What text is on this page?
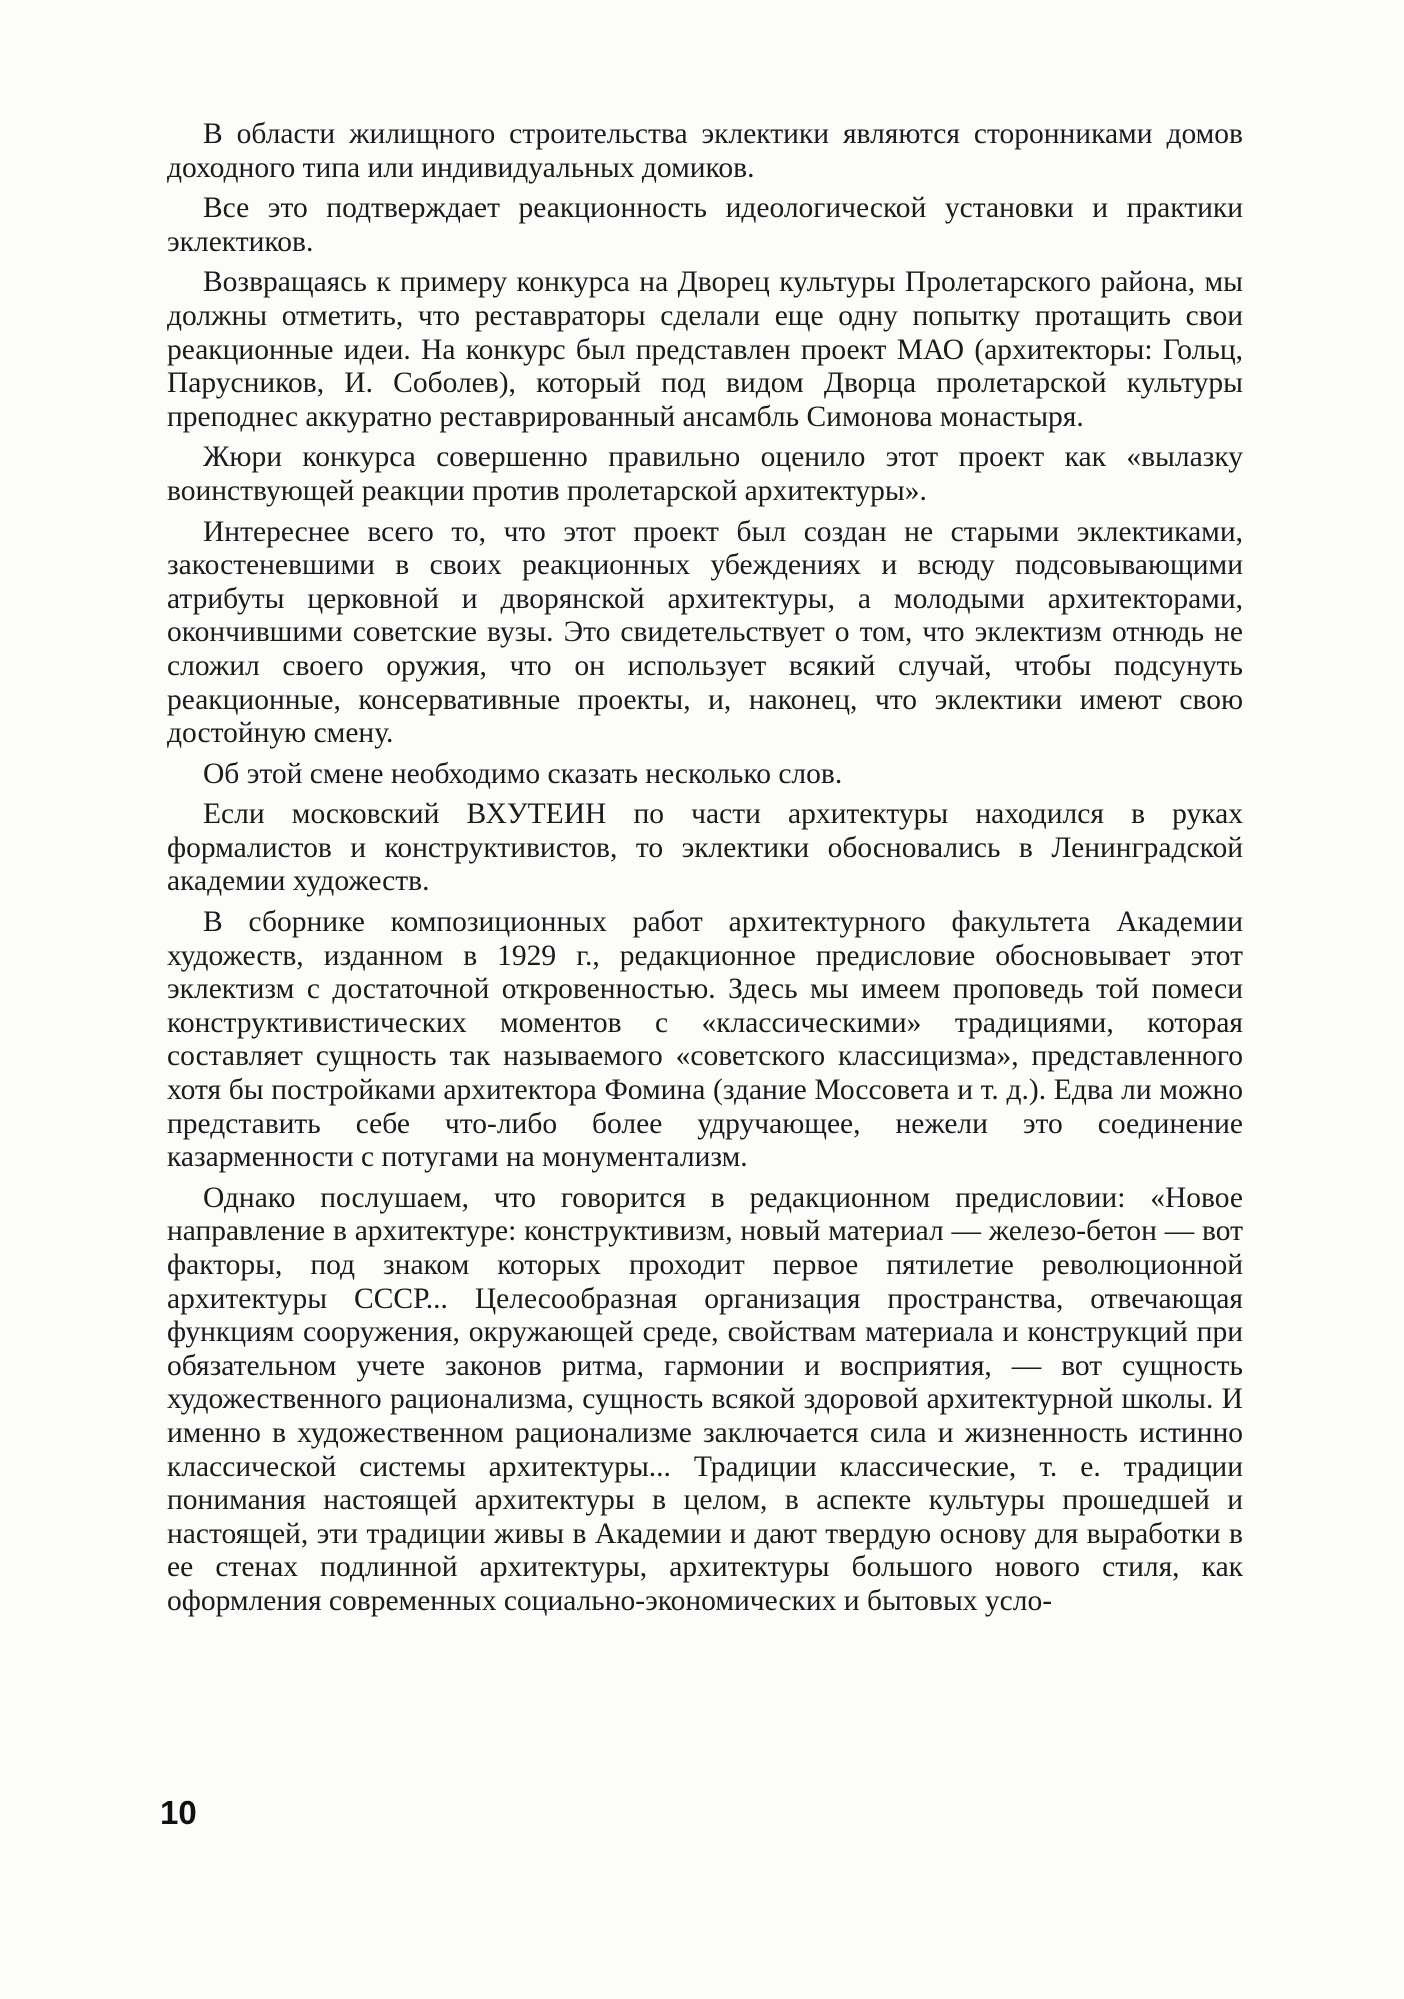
В области жилищного строительства эклектики являются сторонниками домов доходного типа или индивидуальных домиков.

Все это подтверждает реакционность идеологической установки и практики эклектиков.

Возвращаясь к примеру конкурса на Дворец культуры Пролетарского района, мы должны отметить, что реставраторы сделали еще одну попытку протащить свои реакционные идеи. На конкурс был представлен проект МАО (архитекторы: Гольц, Парусников, И. Соболев), который под видом Дворца пролетарской культуры преподнес аккуратно реставрированный ансамбль Симонова монастыря.

Жюри конкурса совершенно правильно оценило этот проект как «вылазку воинствующей реакции против пролетарской архитектуры».

Интереснее всего то, что этот проект был создан не старыми эклектиками, закостеневшими в своих реакционных убеждениях и всюду подсовывающими атрибуты церковной и дворянской архитектуры, а молодыми архитекторами, окончившими советские вузы. Это свидетельствует о том, что эклектизм отнюдь не сложил своего оружия, что он использует всякий случай, чтобы подсунуть реакционные, консервативные проекты, и, наконец, что эклектики имеют свою достойную смену.

Об этой смене необходимо сказать несколько слов.

Если московский ВХУТЕИН по части архитектуры находился в руках формалистов и конструктивистов, то эклектики обосновались в Ленинградской академии художеств.

В сборнике композиционных работ архитектурного факультета Академии художеств, изданном в 1929 г., редакционное предисловие обосновывает этот эклектизм с достаточной откровенностью. Здесь мы имеем проповедь той помеси конструктивистических моментов с «классическими» традициями, которая составляет сущность так называемого «советского классицизма», представленного хотя бы постройками архитектора Фомина (здание Моссовета и т. д.). Едва ли можно представить себе что-либо более удручающее, нежели это соединение казарменности с потугами на монументализм.

Однако послушаем, что говорится в редакционном предисловии: «Новое направление в архитектуре: конструктивизм, новый материал — железо-бетон — вот факторы, под знаком которых проходит первое пятилетие революционной архитектуры СССР... Целесообразная организация пространства, отвечающая функциям сооружения, окружающей среде, свойствам материала и конструкций при обязательном учете законов ритма, гармонии и восприятия, — вот сущность художественного рационализма, сущность всякой здоровой архитектурной школы. И именно в художественном рационализме заключается сила и жизненность истинно классической системы архитектуры... Традиции классические, т. е. традиции понимания настоящей архитектуры в целом, в аспекте культуры прошедшей и настоящей, эти традиции живы в Академии и дают твердую основу для выработки в ее стенах подлинной архитектуры, архитектуры большого нового стиля, как оформления современных социально-экономических и бытовых усло-

10
